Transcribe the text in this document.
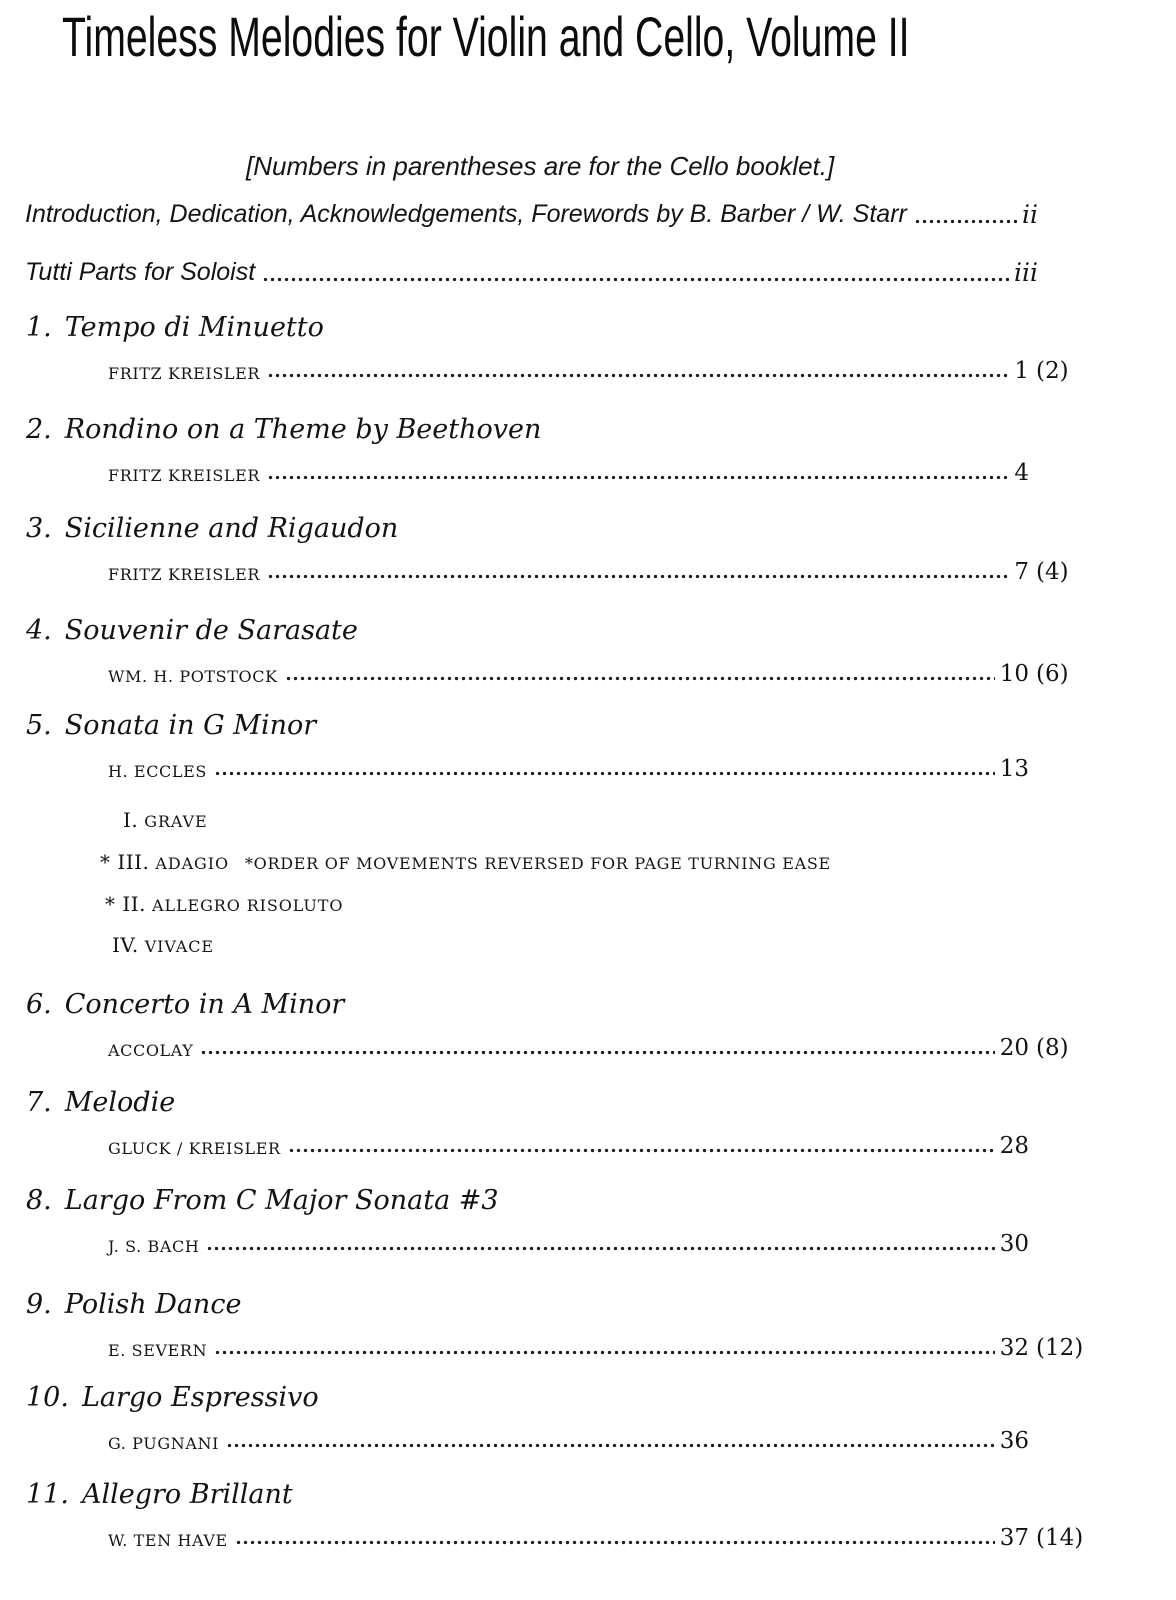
Timeless Melodies for Violin and Cello, Volume II
[Numbers in parentheses are for the Cello booklet.]
Introduction, Dedication, Acknowledgements, Forewords by B. Barber / W. Starr	ii
Tutti Parts for Soloist	iii
1. Tempo di Minuetto
FRITZ KREISLER	1 (2)
2. Rondino on a Theme by Beethoven
FRITZ KREISLER	4
3. Sicilienne and Rigaudon
FRITZ KREISLER	7 (4)
4. Souvenir de Sarasate
WM. H. POTSTOCK	10 (6)
5. Sonata in G Minor
H. ECCLES	13
I. GRAVE
* III. ADAGIO *ORDER OF MOVEMENTS REVERSED FOR PAGE TURNING EASE
* II. ALLEGRO RISOLUTO
IV. VIVACE
6. Concerto in A Minor
ACCOLAY	20 (8)
7. Melodie
GLUCK / KREISLER	28
8. Largo From C Major Sonata #3
J. S. BACH	30
9. Polish Dance
E. SEVERN	32 (12)
10. Largo Espressivo
G. PUGNANI	36
11. Allegro Brillant
W. TEN HAVE	37 (14)
